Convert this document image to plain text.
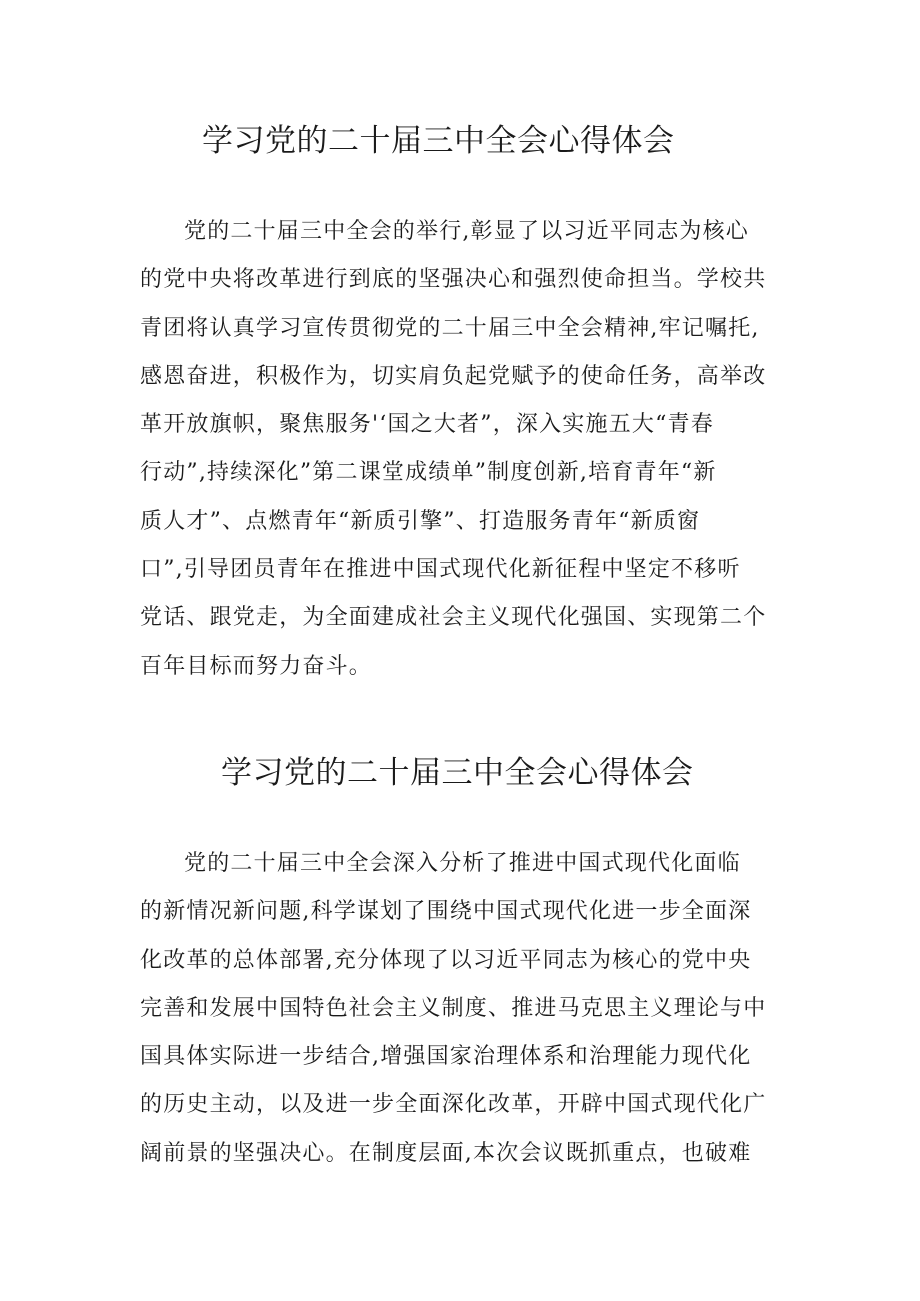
学习党的二十届三中全会心得体会
党的二十届三中全会的举行,彰显了以习近平同志为核心
的党中央将改革进行到底的坚强决心和强烈使命担当。学校共
青团将认真学习宣传贯彻党的二十届三中全会精神,牢记嘱托,
感恩奋进，积极作为，切实肩负起党赋予的使命任务，高举改
革开放旗帜，聚焦服务'‘国之大者”，深入实施五大“青春
行动”,持续深化”第二课堂成绩单”制度创新,培育青年“新
质人才”、点燃青年“新质引擎”、打造服务青年“新质窗
口”,引导团员青年在推进中国式现代化新征程中坚定不移听
党话、跟党走，为全面建成社会主义现代化强国、实现第二个
百年目标而努力奋斗。
学习党的二十届三中全会心得体会
党的二十届三中全会深入分析了推进中国式现代化面临
的新情况新问题,科学谋划了围绕中国式现代化进一步全面深
化改革的总体部署,充分体现了以习近平同志为核心的党中央
完善和发展中国特色社会主义制度、推进马克思主义理论与中
国具体实际进一步结合,增强国家治理体系和治理能力现代化
的历史主动，以及进一步全面深化改革，开辟中国式现代化广
阔前景的坚强决心。在制度层面,本次会议既抓重点，也破难
